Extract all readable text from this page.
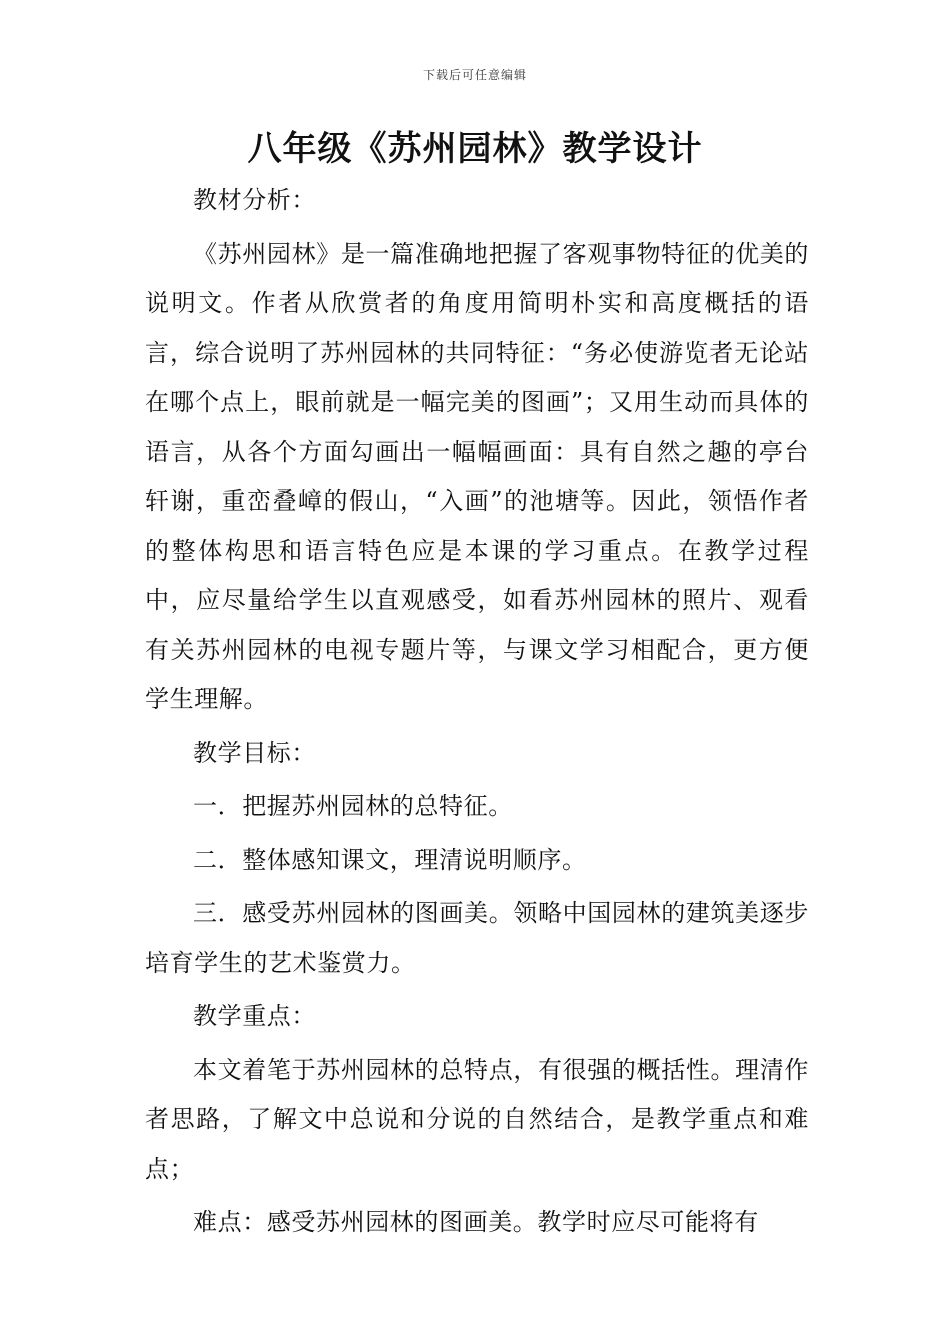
下载后可任意编辑
八年级《苏州园林》教学设计

教材分析：

《苏州园林》是一篇准确地把握了客观事物特征的优美的说明文。作者从欣赏者的角度用简明朴实和高度概括的语言，综合说明了苏州园林的共同特征：“务必使游览者无论站在哪个点上，眼前就是一幅完美的图画”；又用生动而具体的语言，从各个方面勾画出一幅幅画面：具有自然之趣的亭台轩谢，重峦叠嶂的假山，“入画”的池塘等。因此，领悟作者的整体构思和语言特色应是本课的学习重点。在教学过程中，应尽量给学生以直观感受，如看苏州园林的照片、观看有关苏州园林的电视专题片等，与课文学习相配合，更方便学生理解。

教学目标：

一．把握苏州园林的总特征。

二．整体感知课文，理清说明顺序。

三．感受苏州园林的图画美。领略中国园林的建筑美逐步培育学生的艺术鉴赏力。

教学重点：

本文着笔于苏州园林的总特点，有很强的概括性。理清作者思路，了解文中总说和分说的自然结合，是教学重点和难点；

难点：感受苏州园林的图画美。教学时应尽可能将有
